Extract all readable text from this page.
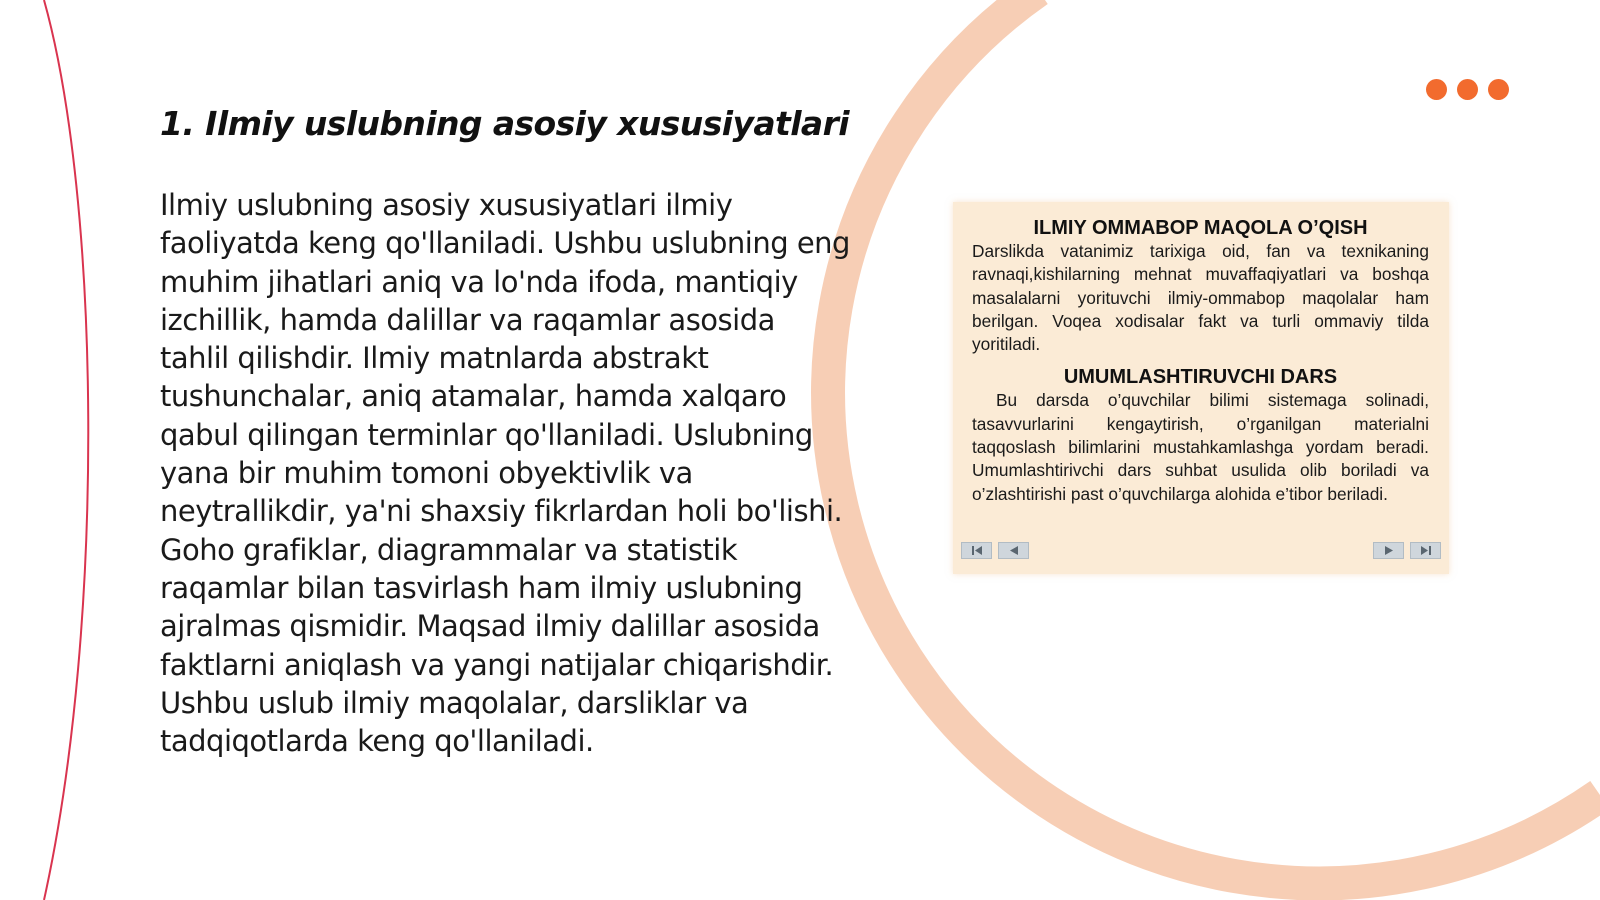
1. Ilmiy uslubning asosiy xususiyatlari

Ilmiy uslubning asosiy xususiyatlari ilmiy faoliyatda keng qo'llaniladi. Ushbu uslubning eng muhim jihatlari aniq va lo'nda ifoda, mantiqiy izchillik, hamda dalillar va raqamlar asosida tahlil qilishdir. Ilmiy matnlarda abstrakt tushunchalar, aniq atamalar, hamda xalqaro qabul qilingan terminlar qo'llaniladi. Uslubning yana bir muhim tomoni obyektivlik va neytrallikdir, ya'ni shaxsiy fikrlardan holi bo'lishi. Goho grafiklar, diagrammalar va statistik raqamlar bilan tasvirlash ham ilmiy uslubning ajralmas qismidir. Maqsad ilmiy dalillar asosida faktlarni aniqlash va yangi natijalar chiqarishdir. Ushbu uslub ilmiy maqolalar, darsliklar va tadqiqotlarda keng qo'llaniladi.

ILMIY OMMABOP MAQOLA O’QISH

Darslikda vatanimiz tarixiga oid, fan va texnikaning ravnaqi,kishilarning mehnat muvaffaqiyatlari va boshqa masalalarni yorituvchi ilmiy-ommabop maqolalar ham berilgan. Voqea xodisalar fakt va turli ommaviy tilda yoritiladi.

UMUMLASHTIRUVCHI DARS

Bu darsda o’quvchilar bilimi sistemaga solinadi, tasavvurlarini kengaytirish, o’rganilgan materialni taqqoslash bilimlarini mustahkamlashga yordam beradi. Umumlashtirivchi dars suhbat usulida olib boriladi va o’zlashtirishi past o’quvchilarga alohida e’tibor beriladi.
